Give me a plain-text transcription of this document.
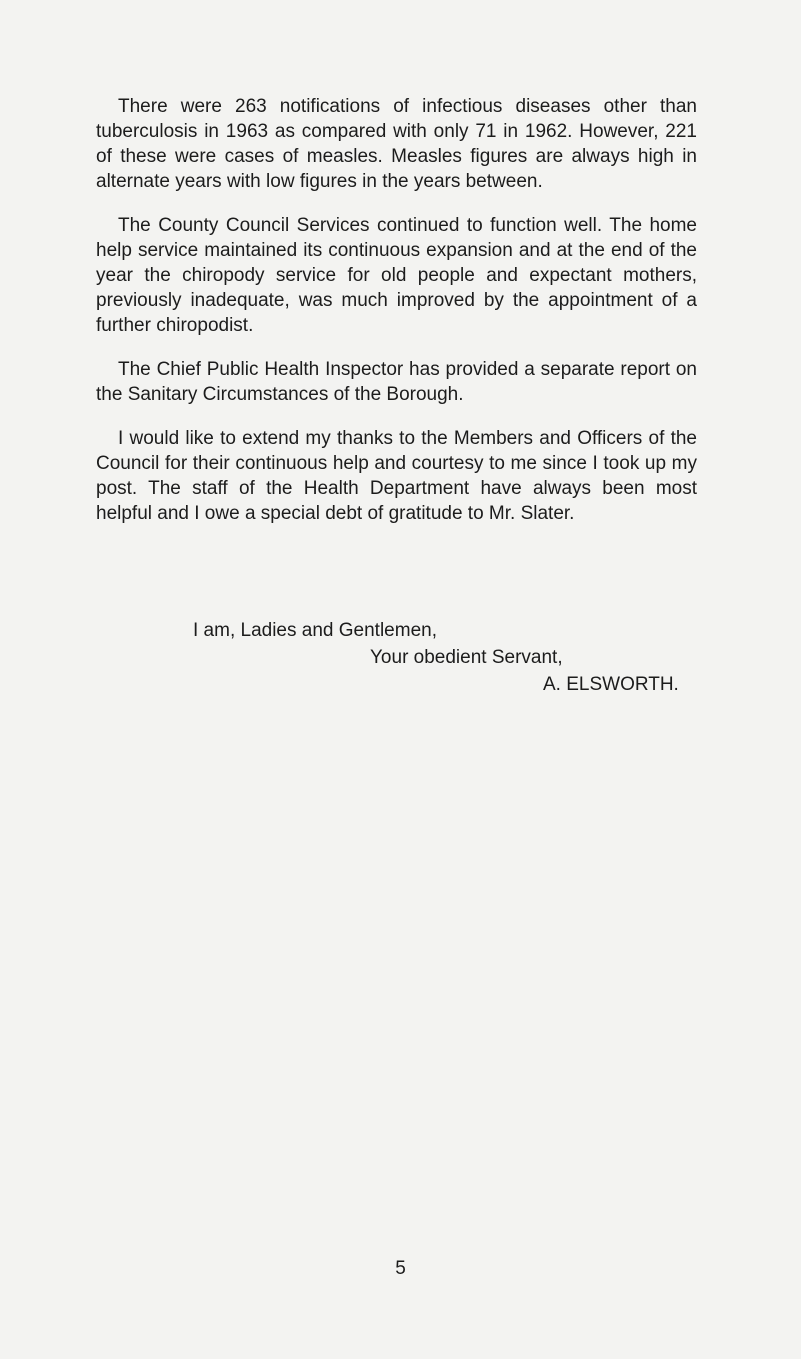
There were 263 notifications of infectious diseases other than tuberculosis in 1963 as compared with only 71 in 1962. However, 221 of these were cases of measles. Measles figures are always high in alternate years with low figures in the years between.

The County Council Services continued to function well. The home help service maintained its continuous expansion and at the end of the year the chiropody service for old people and expectant mothers, previously inadequate, was much improved by the appointment of a further chiropodist.

The Chief Public Health Inspector has provided a separate report on the Sanitary Circumstances of the Borough.

I would like to extend my thanks to the Members and Officers of the Council for their continuous help and courtesy to me since I took up my post. The staff of the Health Department have always been most helpful and I owe a special debt of gratitude to Mr. Slater.

I am, Ladies and Gentlemen,
Your obedient Servant,
A. ELSWORTH.
5
